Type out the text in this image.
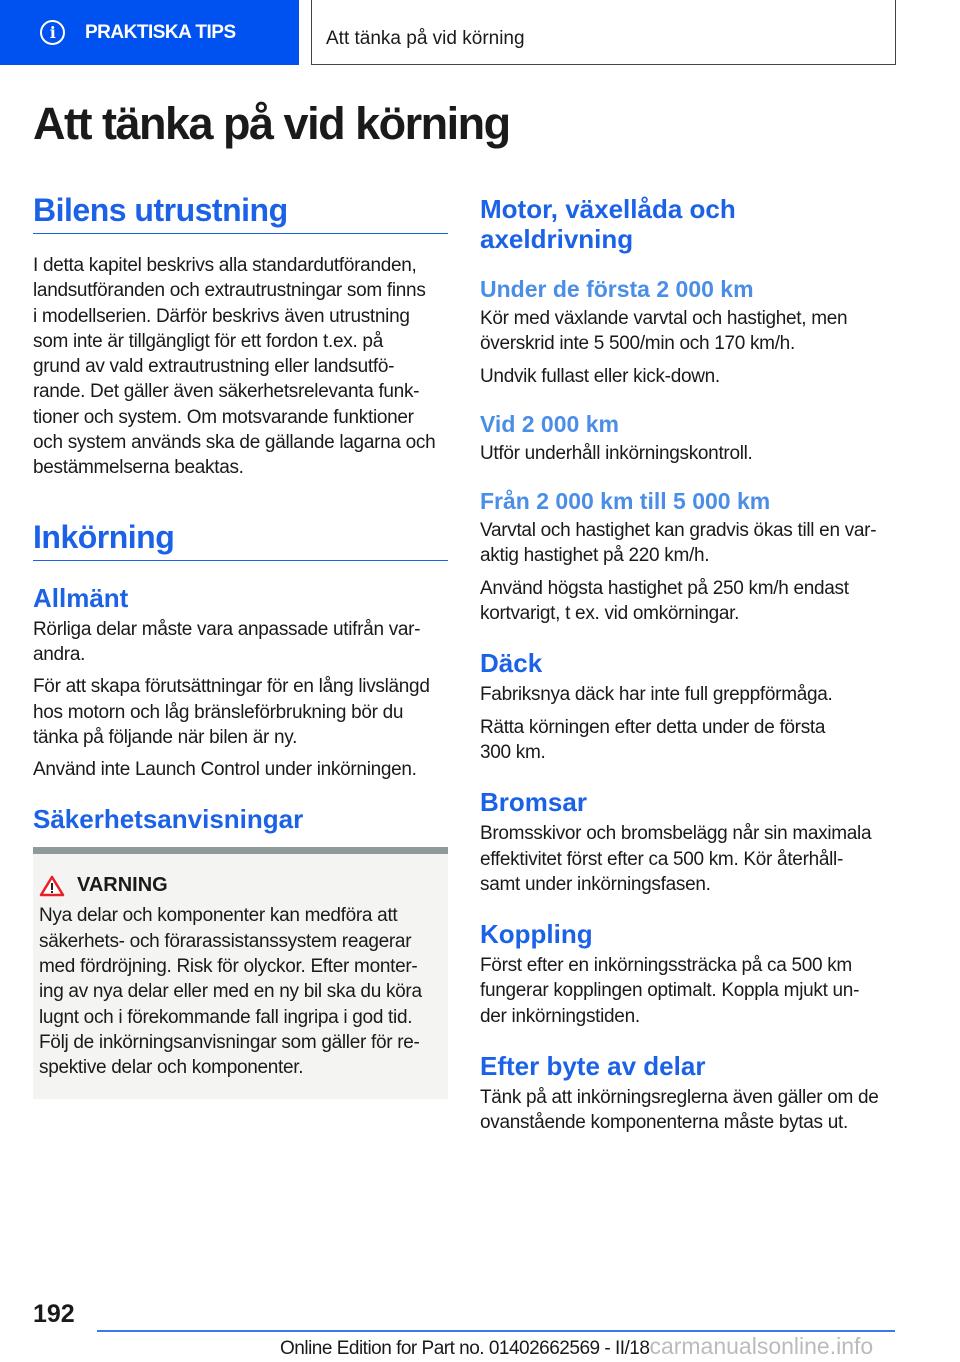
i	PRAKTISKA TIPS	Att tänka på vid körning
Att tänka på vid körning
Bilens utrustning

I detta kapitel beskrivs alla standardutföranden,
landsutföranden och extrautrustningar som finns
i modellserien. Därför beskrivs även utrustning
som inte är tillgängligt för ett fordon t.ex. på
grund av vald extrautrustning eller landsutfö-
rande. Det gäller även säkerhetsrelevanta funk-
tioner och system. Om motsvarande funktioner
och system används ska de gällande lagarna och
bestämmelserna beaktas.

Inkörning
Allmänt

Rörliga delar måste vara anpassade utifrån var-
andra.

För att skapa förutsättningar för en lång livslängd
hos motorn och låg bränsleförbrukning bör du
tänka på följande när bilen är ny.

Använd inte Launch Control under inkörningen.

Säkerhetsanvisningar
VARNING

Nya delar och komponenter kan medföra att
säkerhets- och förarassistanssystem reagerar
med fördröjning. Risk för olyckor. Efter monter-
ing av nya delar eller med en ny bil ska du köra
lugnt och i förekommande fall ingripa i god tid.
Följ de inkörningsanvisningar som gäller för re-
spektive delar och komponenter.

Motor, växellåda och
axeldrivning
Under de första 2 000 km

Kör med växlande varvtal och hastighet, men
överskrid inte 5 500/min och 170 km/h.

Undvik fullast eller kick-down.

Vid 2 000 km

Utför underhåll inkörningskontroll.

Från 2 000 km till 5 000 km

Varvtal och hastighet kan gradvis ökas till en var-
aktig hastighet på 220 km/h.

Använd högsta hastighet på 250 km/h endast
kortvarigt, t ex. vid omkörningar.

Däck

Fabriksnya däck har inte full greppförmåga.

Rätta körningen efter detta under de första
300 km.

Bromsar

Bromsskivor och bromsbelägg når sin maximala
effektivitet först efter ca 500 km. Kör återhåll-
samt under inkörningsfasen.

Koppling

Först efter en inkörningssträcka på ca 500 km
fungerar kopplingen optimalt. Koppla mjukt un-
der inkörningstiden.

Efter byte av delar

Tänk på att inkörningsreglerna även gäller om de
ovanstående komponenterna måste bytas ut.

192
Online Edition for Part no. 01402662569 - II/18carmanualsonline.info
